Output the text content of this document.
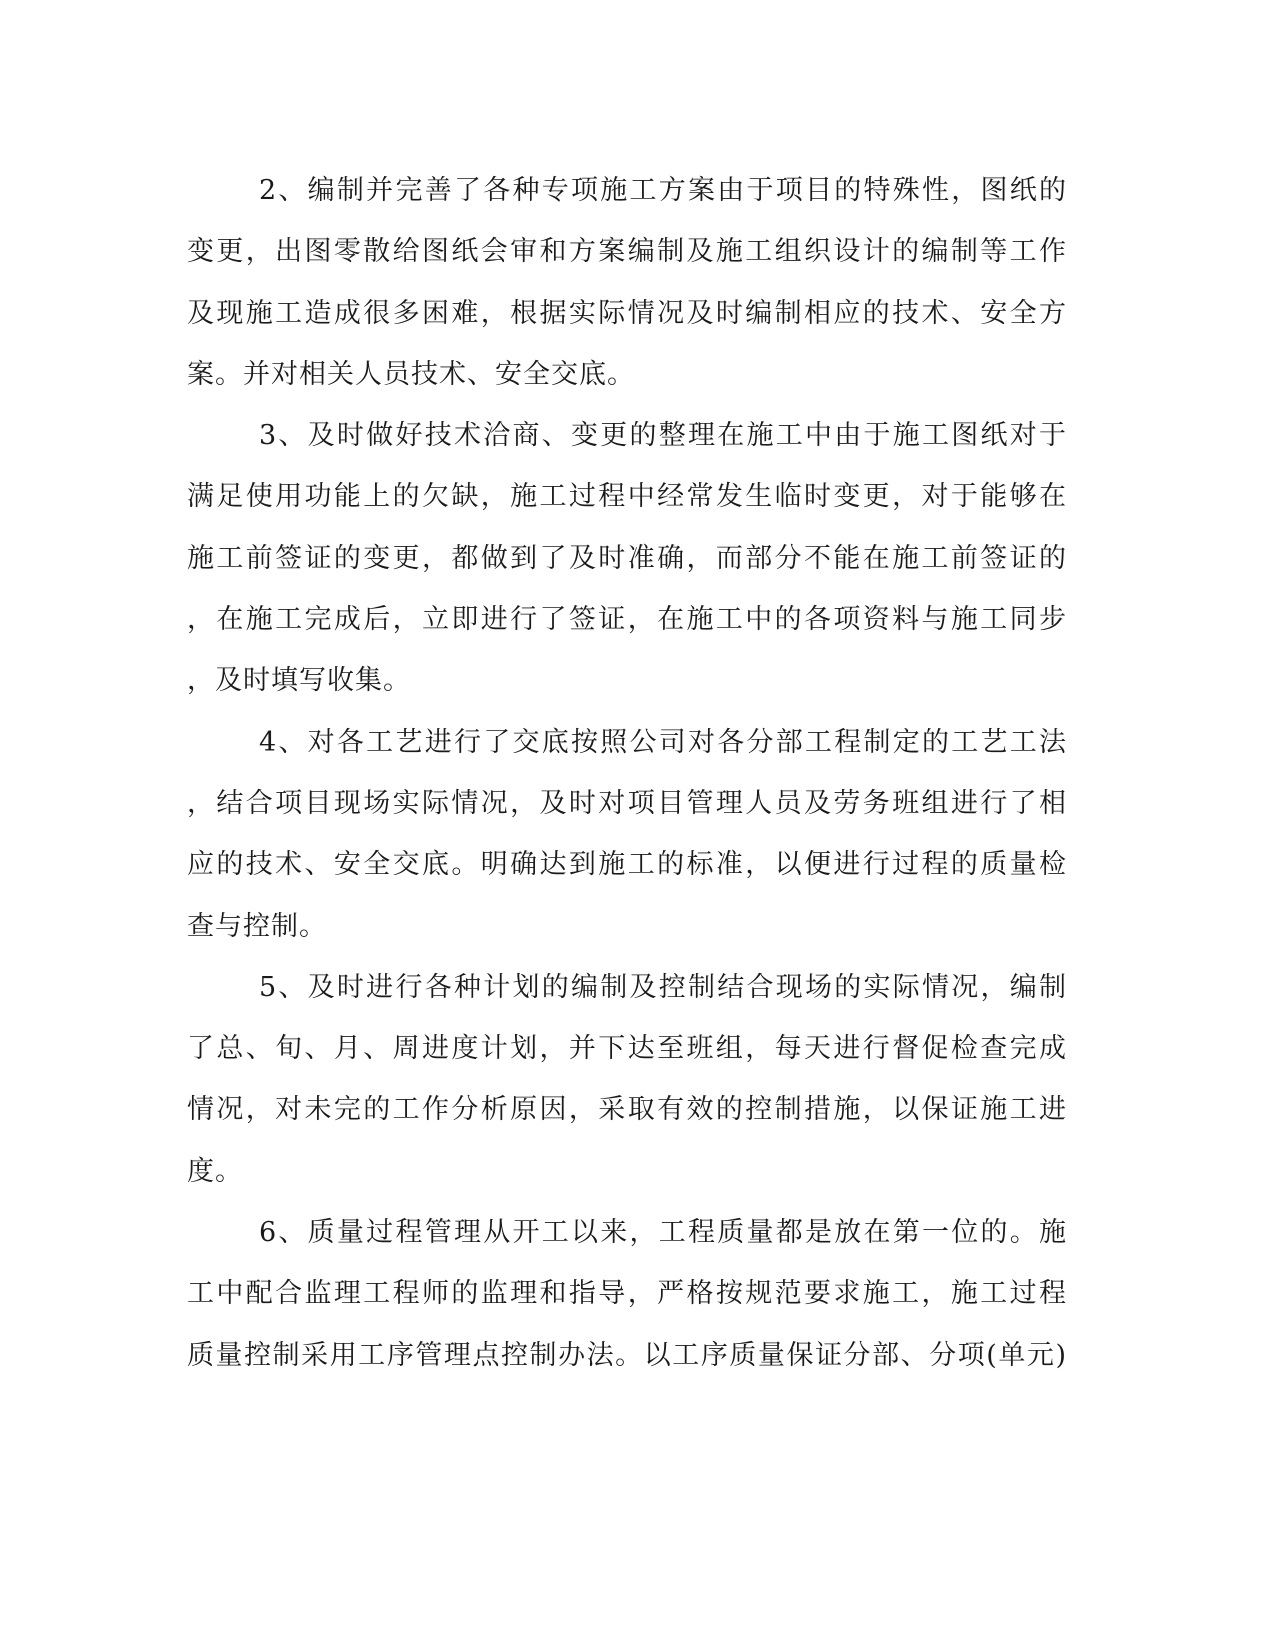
2、编制并完善了各种专项施工方案由于项目的特殊性，图纸的
变更，出图零散给图纸会审和方案编制及施工组织设计的编制等工作
及现施工造成很多困难，根据实际情况及时编制相应的技术、安全方
案。并对相关人员技术、安全交底。
3、及时做好技术洽商、变更的整理在施工中由于施工图纸对于
满足使用功能上的欠缺，施工过程中经常发生临时变更，对于能够在
施工前签证的变更，都做到了及时准确，而部分不能在施工前签证的
，在施工完成后，立即进行了签证，在施工中的各项资料与施工同步
，及时填写收集。
4、对各工艺进行了交底按照公司对各分部工程制定的工艺工法
，结合项目现场实际情况，及时对项目管理人员及劳务班组进行了相
应的技术、安全交底。明确达到施工的标准，以便进行过程的质量检
查与控制。
5、及时进行各种计划的编制及控制结合现场的实际情况，编制
了总、旬、月、周进度计划，并下达至班组，每天进行督促检查完成
情况，对未完的工作分析原因，采取有效的控制措施，以保证施工进
度。
6、质量过程管理从开工以来，工程质量都是放在第一位的。施
工中配合监理工程师的监理和指导，严格按规范要求施工，施工过程
质量控制采用工序管理点控制办法。以工序质量保证分部、分项(单元)
